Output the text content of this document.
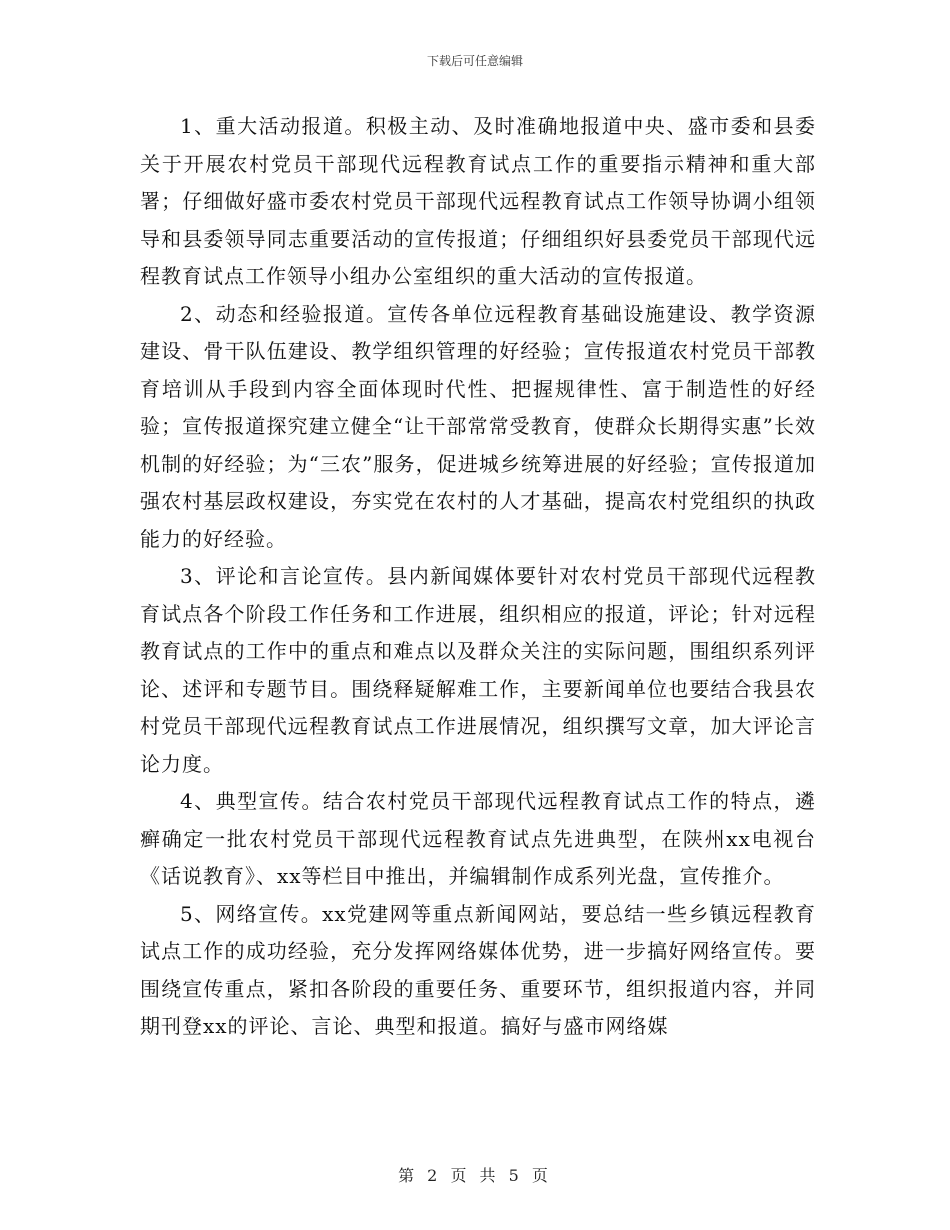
下载后可任意编辑

1、重大活动报道。积极主动、及时准确地报道中央、盛市委和县委关于开展农村党员干部现代远程教育试点工作的重要指示精神和重大部署；仔细做好盛市委农村党员干部现代远程教育试点工作领导协调小组领导和县委领导同志重要活动的宣传报道；仔细组织好县委党员干部现代远程教育试点工作领导小组办公室组织的重大活动的宣传报道。

2、动态和经验报道。宣传各单位远程教育基础设施建设、教学资源建设、骨干队伍建设、教学组织管理的好经验；宣传报道农村党员干部教育培训从手段到内容全面体现时代性、把握规律性、富于制造性的好经验；宣传报道探究建立健全“让干部常常受教育，使群众长期得实惠”长效机制的好经验；为“三农”服务，促进城乡统筹进展的好经验；宣传报道加强农村基层政权建设，夯实党在农村的人才基础，提高农村党组织的执政能力的好经验。

3、评论和言论宣传。县内新闻媒体要针对农村党员干部现代远程教育试点各个阶段工作任务和工作进展，组织相应的报道，评论；针对远程教育试点的工作中的重点和难点以及群众关注的实际问题，围组织系列评论、述评和专题节目。围绕释疑解难工作，主要新闻单位也要结合我县农村党员干部现代远程教育试点工作进展情况，组织撰写文章，加大评论言论力度。

4、典型宣传。结合农村党员干部现代远程教育试点工作的特点，遴癣确定一批农村党员干部现代远程教育试点先进典型，在陕州xx电视台《话说教育》、xx等栏目中推出，并编辑制作成系列光盘，宣传推介。

5、网络宣传。xx党建网等重点新闻网站，要总结一些乡镇远程教育试点工作的成功经验，充分发挥网络媒体优势，进一步搞好网络宣传。要围绕宣传重点，紧扣各阶段的重要任务、重要环节，组织报道内容，并同期刊登xx的评论、言论、典型和报道。搞好与盛市网络媒

第 2 页 共 5 页
